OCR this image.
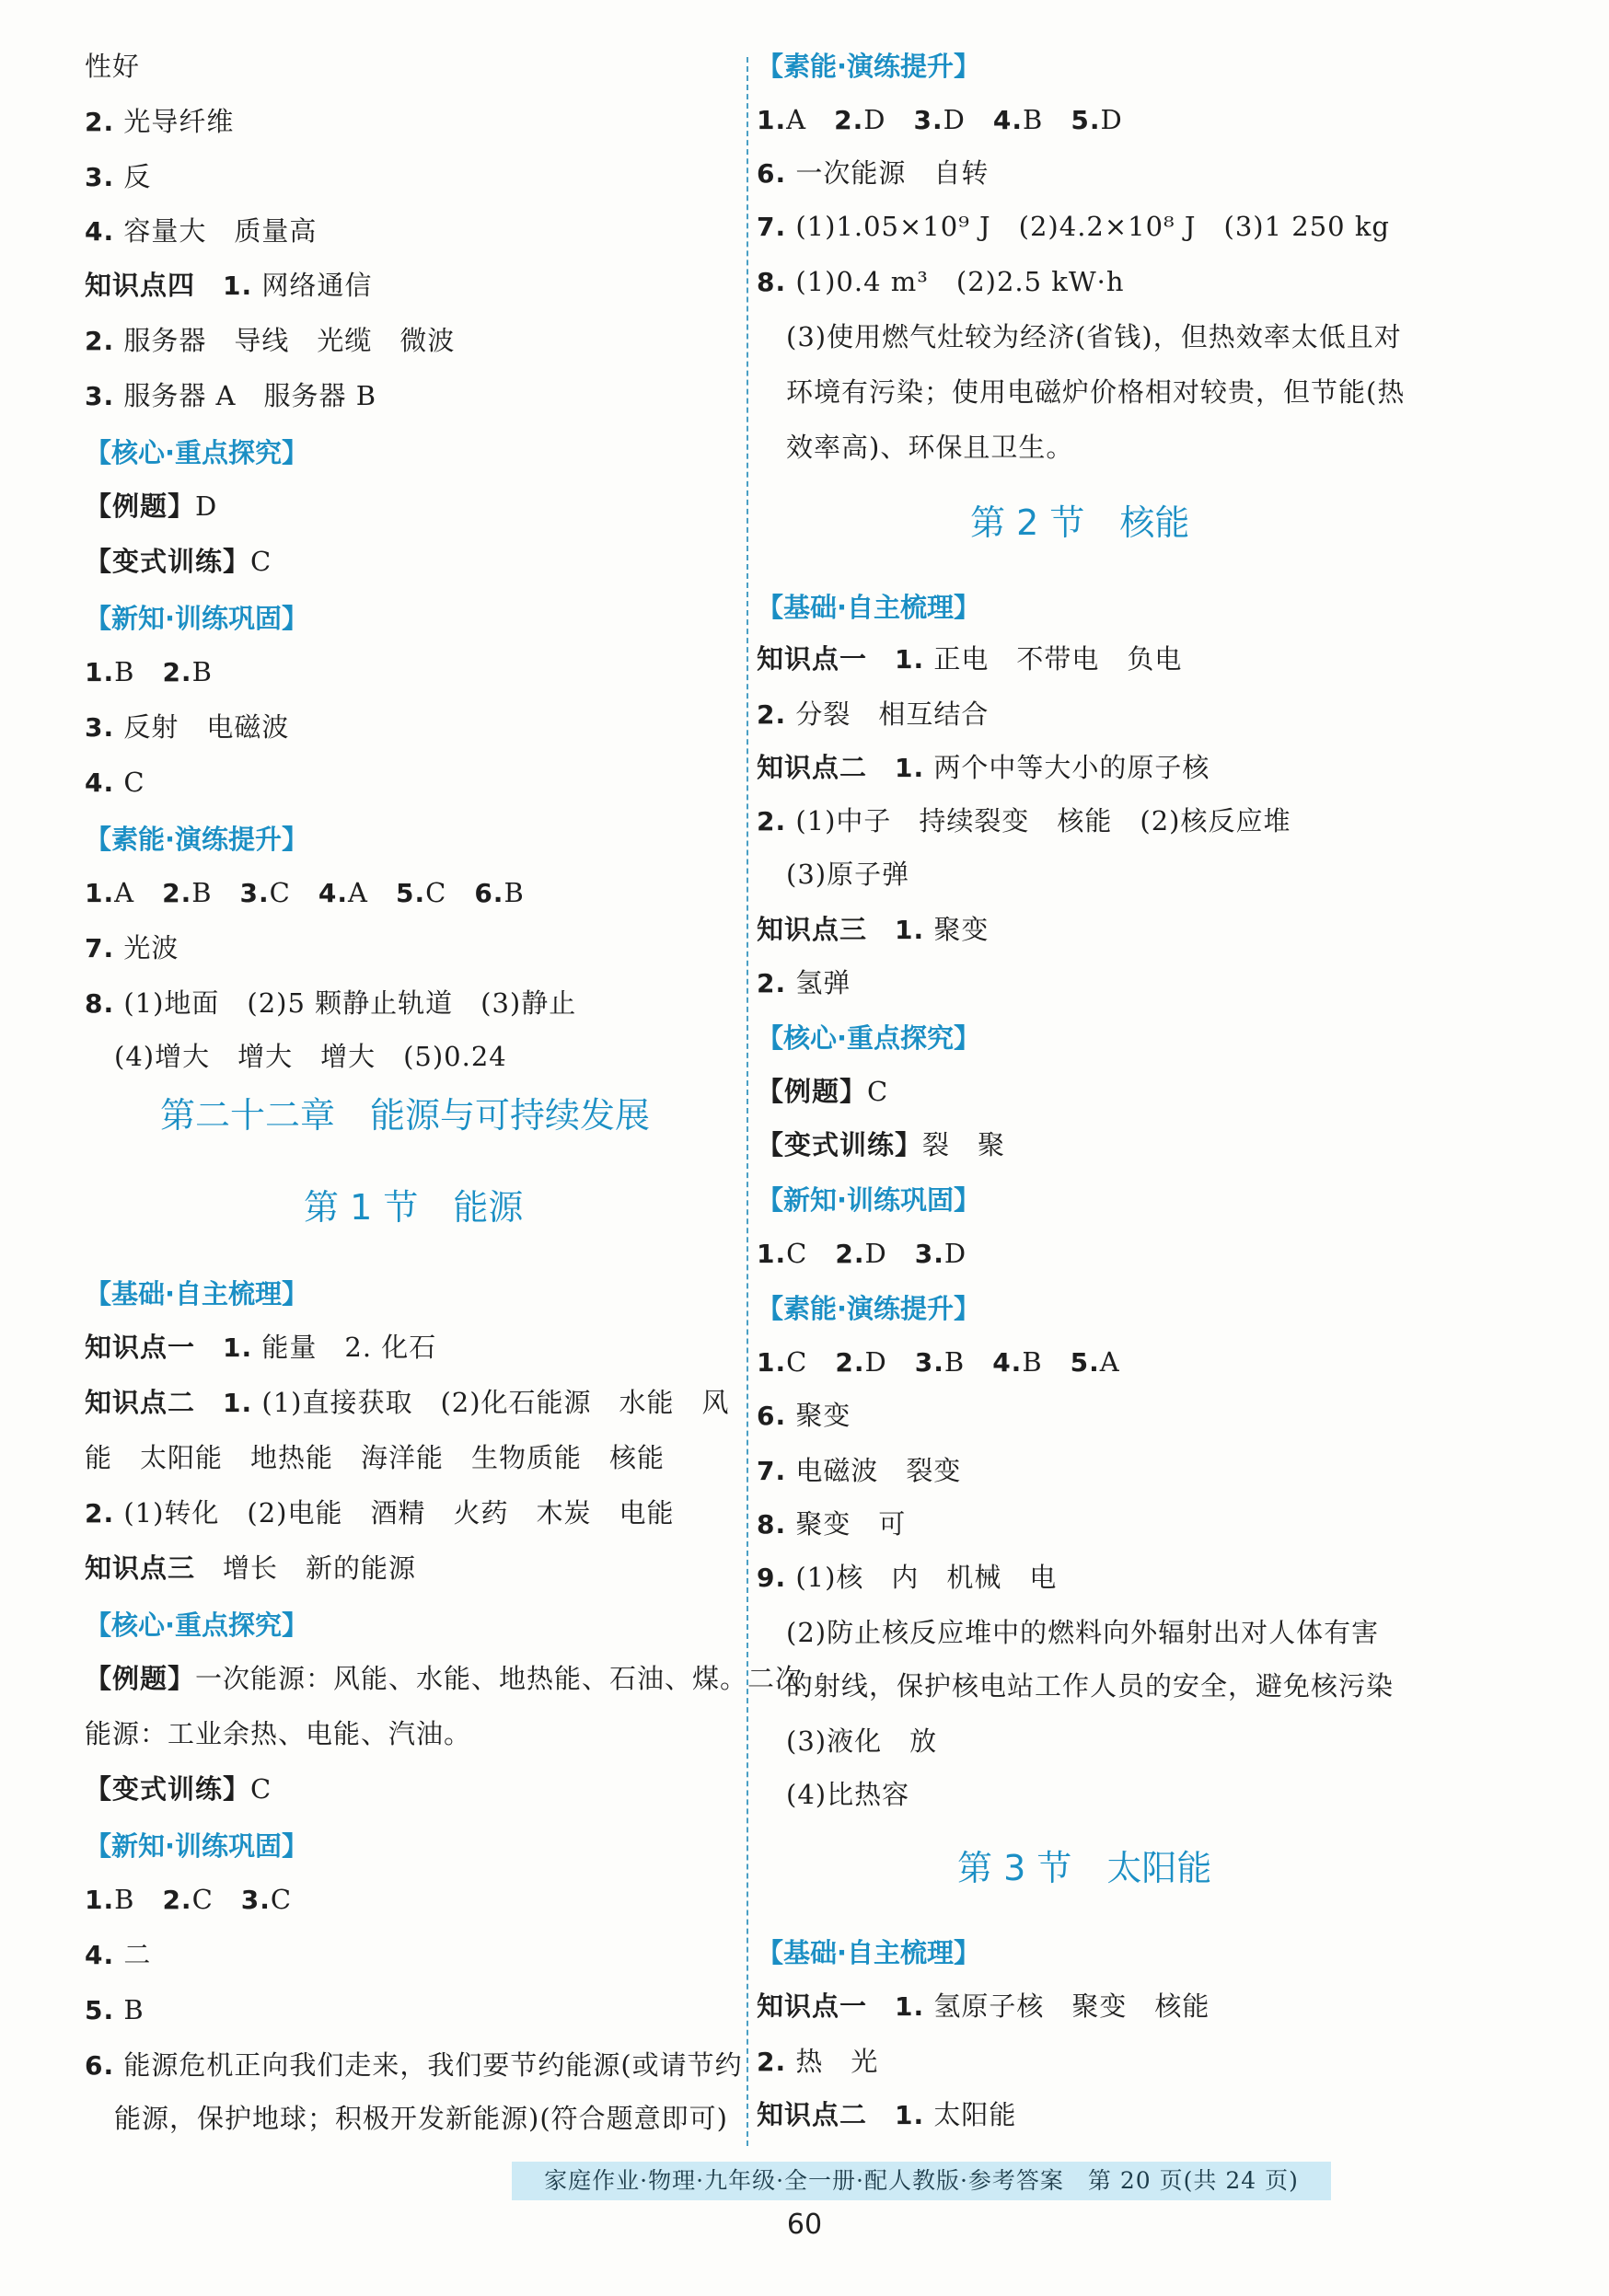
性好
2. 光导纤维
3. 反
4. 容量大　质量高
知识点四　 1. 网络通信
2. 服务器　导线　光缆　微波
3. 服务器 A　服务器 B
【核心·重点探究】
【例题】D
【变式训练】C
【新知·训练巩固】
1.B　 2.B
3. 反射　电磁波
4. C
【素能·演练提升】
1.A　 2.B　 3.C　 4.A　 5.C　 6.B
7. 光波
8. (1)地面　(2)5 颗静止轨道　(3)静止
(4)增大　增大　增大　(5)0.24
第二十二章　能源与可持续发展
第 1 节　能源
【基础·自主梳理】
知识点一　 1. 能量　2. 化石
知识点二　 1. (1)直接获取　(2)化石能源　水能　风
能　太阳能　地热能　海洋能　生物质能　核能
2. (1)转化　(2)电能　酒精　火药　木炭　电能
知识点三　 增长　新的能源
【核心·重点探究】
【例题】一次能源：风能、水能、地热能、石油、煤。二次
能源：工业余热、电能、汽油。
【变式训练】C
【新知·训练巩固】
1.B　 2.C　 3.C
4. 二
5. B
6. 能源危机正向我们走来，我们要节约能源(或请节约
能源，保护地球；积极开发新能源)(符合题意即可)
【素能·演练提升】
1.A　 2.D　 3.D　 4.B　 5.D
6. 一次能源　自转
7. (1)1.05×10⁹ J　(2)4.2×10⁸ J　(3)1 250 kg
8. (1)0.4 m³　(2)2.5 kW·h
(3)使用燃气灶较为经济(省钱)，但热效率太低且对
环境有污染；使用电磁炉价格相对较贵，但节能(热
效率高)、环保且卫生。
第 2 节　核能
【基础·自主梳理】
知识点一　 1. 正电　不带电　负电
2. 分裂　相互结合
知识点二　 1. 两个中等大小的原子核
2. (1)中子　持续裂变　核能　(2)核反应堆
(3)原子弹
知识点三　 1. 聚变
2. 氢弹
【核心·重点探究】
【例题】C
【变式训练】裂　聚
【新知·训练巩固】
1.C　 2.D　 3.D
【素能·演练提升】
1.C　 2.D　 3.B　 4.B　 5.A
6. 聚变
7. 电磁波　裂变
8. 聚变　可
9. (1)核　内　机械　电
(2)防止核反应堆中的燃料向外辐射出对人体有害
的射线，保护核电站工作人员的安全，避免核污染
(3)液化　放
(4)比热容
第 3 节　太阳能
【基础·自主梳理】
知识点一　 1. 氢原子核　聚变　核能
2. 热　光
知识点二　 1. 太阳能
家庭作业·物理·九年级·全一册·配人教版·参考答案　第 20 页(共 24 页)
60
